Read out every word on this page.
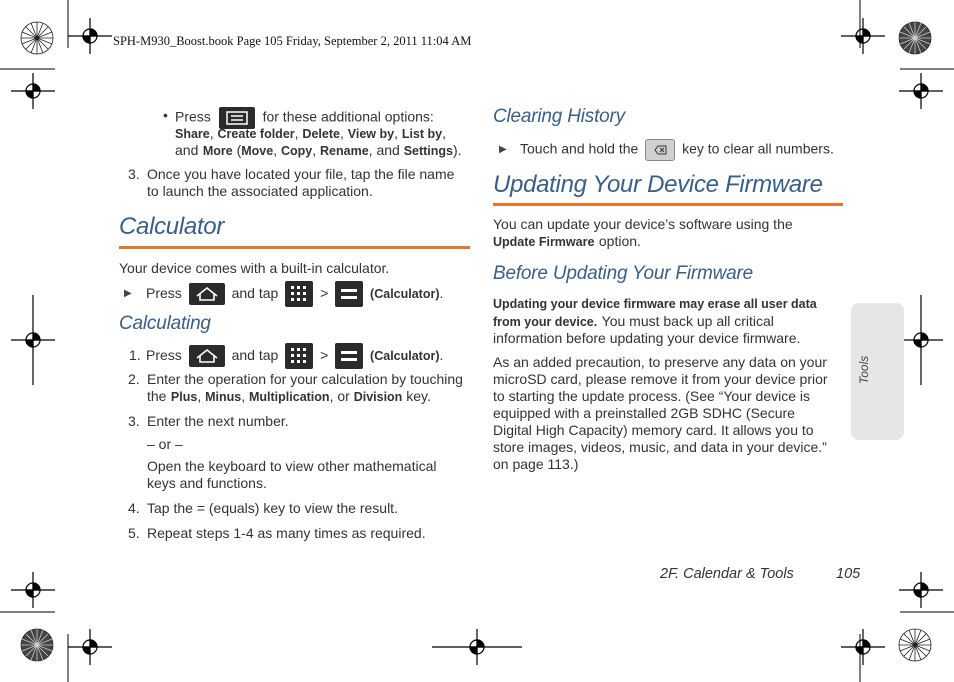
SPH-M930_Boost.book Page 105 Friday, September 2, 2011 11:04 AM
• Press	for these additional options:
Share, Create folder, Delete, View by, List by,
and More (Move, Copy, Rename, and Settings).
3. Once you have located your file, tap the file name
to launch the associated application.
Calculator
Your device comes with a built-in calculator.
▶ Press	and tap	>	(Calculator).
Calculating
1. Press	and tap	>	(Calculator).
2. Enter the operation for your calculation by touching
the Plus, Minus, Multiplication, or Division key.
3. Enter the next number.
– or –
Open the keyboard to view other mathematical
keys and functions.
4. Tap the = (equals) key to view the result.
5. Repeat steps 1-4 as many times as required.
Clearing History
▶ Touch and hold the	key to clear all numbers.
Updating Your Device Firmware
You can update your device’s software using the
Update Firmware option.
Before Updating Your Firmware
Updating your device firmware may erase all user data
from your device. You must back up all critical
information before updating your device firmware.
As an added precaution, to preserve any data on your
microSD card, please remove it from your device prior
to starting the update process. (See “Your device is
equipped with a preinstalled 2GB SDHC (Secure
Digital High Capacity) memory card. It allows you to
store images, videos, music, and data in your device.”
on page 113.)
Tools
2F. Calendar & Tools	105
